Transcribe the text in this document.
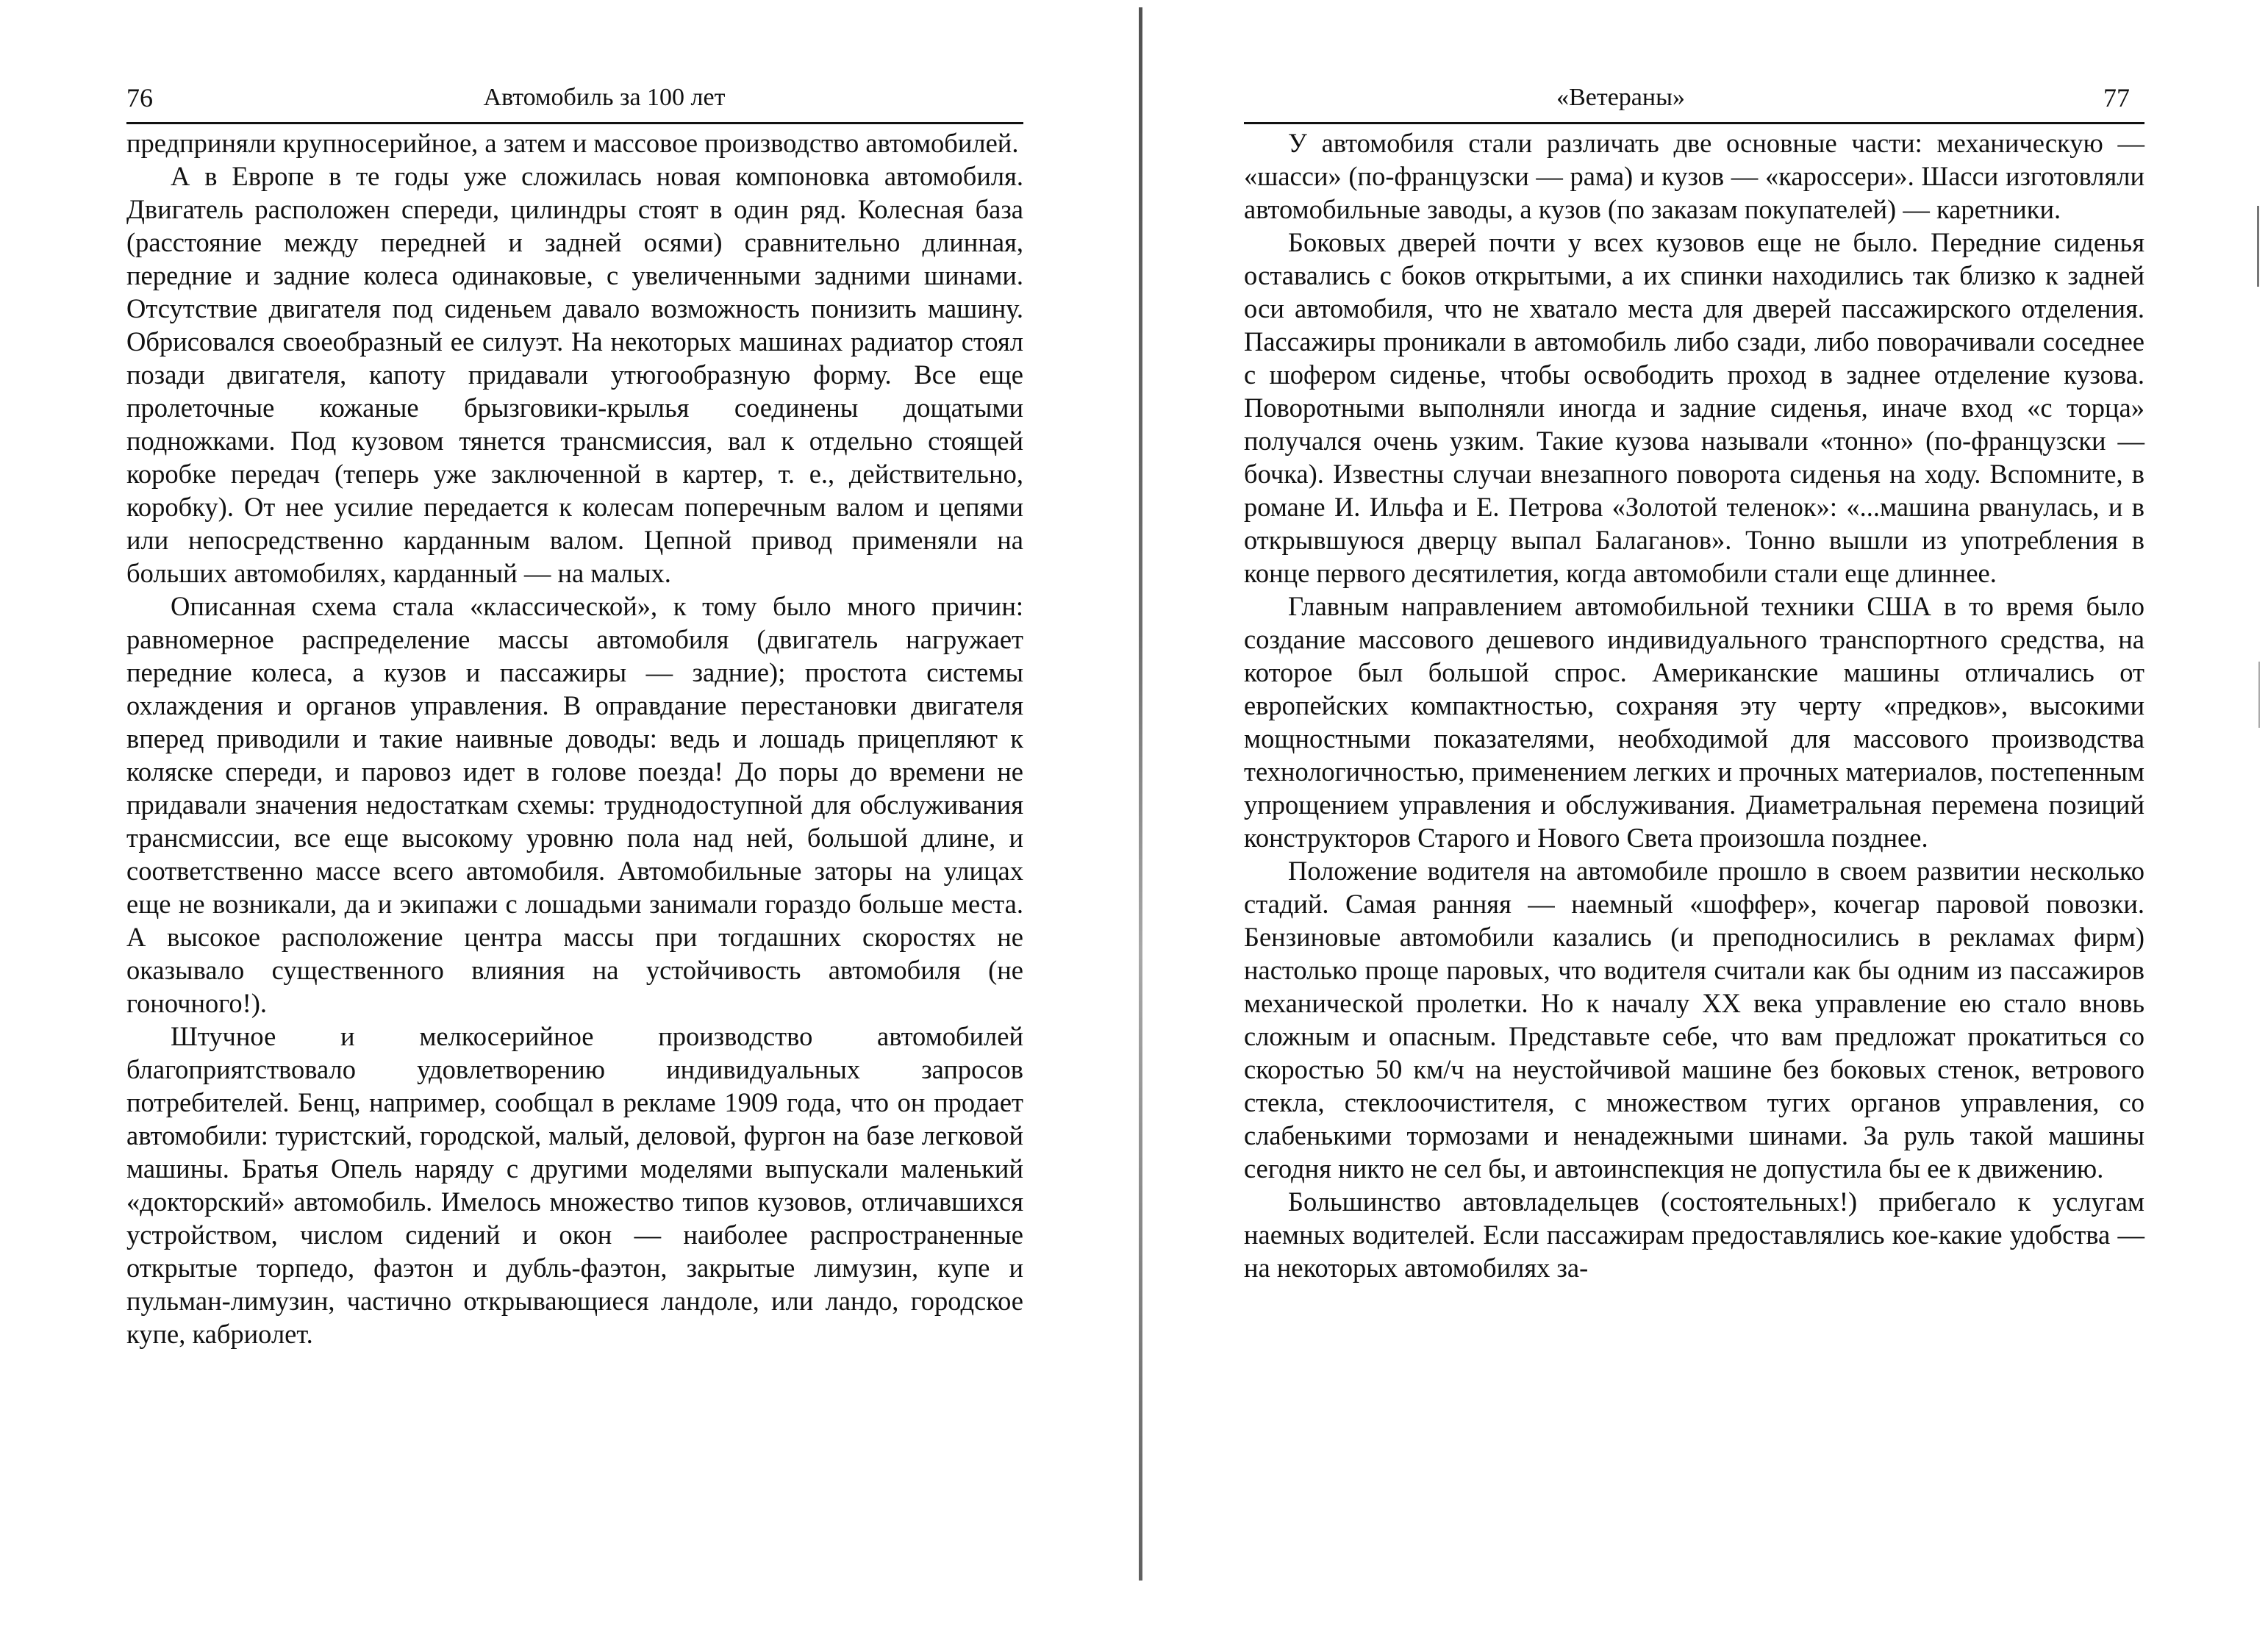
76	Автомобиль за 100 лет

предприняли крупносерийное, а затем и массовое производство автомобилей.

А в Европе в те годы уже сложилась новая компоновка автомобиля. Двигатель расположен спереди, цилиндры стоят в один ряд. Колесная база (расстояние между передней и задней осями) сравнительно длинная, передние и задние колеса одинаковые, с увеличенными задними шинами. Отсутствие двигателя под сиденьем давало возможность понизить машину. Обрисовался своеобразный ее силуэт. На некоторых машинах радиатор стоял позади двигателя, капоту придавали утюгообразную форму. Все еще пролеточные кожаные брызговики-крылья соединены дощатыми подножками. Под кузовом тянется трансмиссия, вал к отдельно стоящей коробке передач (теперь уже заключенной в картер, т. е., действительно, коробку). От нее усилие передается к колесам поперечным валом и цепями или непосредственно карданным валом. Цепной привод применяли на больших автомобилях, карданный — на малых.

Описанная схема стала «классической», к тому было много причин: равномерное распределение массы автомобиля (двигатель нагружает передние колеса, а кузов и пассажиры — задние); простота системы охлаждения и органов управления. В оправдание перестановки двигателя вперед приводили и такие наивные доводы: ведь и лошадь прицепляют к коляске спереди, и паровоз идет в голове поезда! До поры до времени не придавали значения недостаткам схемы: труднодоступной для обслуживания трансмиссии, все еще высокому уровню пола над ней, большой длине, и соответственно массе всего автомобиля. Автомобильные заторы на улицах еще не возникали, да и экипажи с лошадьми занимали гораздо больше места. А высокое расположение центра массы при тогдашних скоростях не оказывало существенного влияния на устойчивость автомобиля (не гоночного!).

Штучное и мелкосерийное производство автомобилей благоприятствовало удовлетворению индивидуальных запросов потребителей. Бенц, например, сообщал в рекламе 1909 года, что он продает автомобили: туристский, городской, малый, деловой, фургон на базе легковой машины. Братья Опель наряду с другими моделями выпускали маленький «докторский» автомобиль. Имелось множество типов кузовов, отличавшихся устройством, числом сидений и окон — наиболее распространенные открытые торпедо, фаэтон и дубль-фаэтон, закрытые лимузин, купе и пульман-лимузин, частично открывающиеся ландоле, или ландо, городское купе, кабриолет.

«Ветераны»	77

У автомобиля стали различать две основные части: механическую — «шасси» (по-французски — рама) и кузов — «каросcери». Шасси изготовляли автомобильные заводы, а кузов (по заказам покупателей) — каретники.

Боковых дверей почти у всех кузовов еще не было. Передние сиденья оставались с боков открытыми, а их спинки находились так близко к задней оси автомобиля, что не хватало места для дверей пассажирского отделения. Пассажиры проникали в автомобиль либо сзади, либо поворачивали соседнее с шофером сиденье, чтобы освободить проход в заднее отделение кузова. Поворотными выполняли иногда и задние сиденья, иначе вход «с торца» получался очень узким. Такие кузова называли «тонно» (по-французски — бочка). Известны случаи внезапного поворота сиденья на ходу. Вспомните, в романе И. Ильфа и Е. Петрова «Золотой теленок»: «...машина рванулась, и в открывшуюся дверцу выпал Балаганов». Тонно вышли из употребления в конце первого десятилетия, когда автомобили стали еще длиннее.

Главным направлением автомобильной техники США в то время было создание массового дешевого индивидуального транспортного средства, на которое был большой спрос. Американские машины отличались от европейских компактностью, сохраняя эту черту «предков», высокими мощностными показателями, необходимой для массового производства технологичностью, применением легких и прочных материалов, постепенным упрощением управления и обслуживания. Диаметральная перемена позиций конструкторов Старого и Нового Света произошла позднее.

Положение водителя на автомобиле прошло в своем развитии несколько стадий. Самая ранняя — наемный «шоффер», кочегар паровой повозки. Бензиновые автомобили казались (и преподносились в рекламах фирм) настолько проще паровых, что водителя считали как бы одним из пассажиров механической пролетки. Но к началу XX века управление ею стало вновь сложным и опасным. Представьте себе, что вам предложат прокатиться со скоростью 50 км/ч на неустойчивой машине без боковых стенок, ветрового стекла, стеклоочистителя, с множеством тугих органов управления, со слабенькими тормозами и ненадежными шинами. За руль такой машины сегодня никто не сел бы, и автоинспекция не допустила бы ее к движению.

Большинство автовладельцев (состоятельных!) прибегало к услугам наемных водителей. Если пассажирам предоставлялись кое-какие удобства — на некоторых автомобилях за-
